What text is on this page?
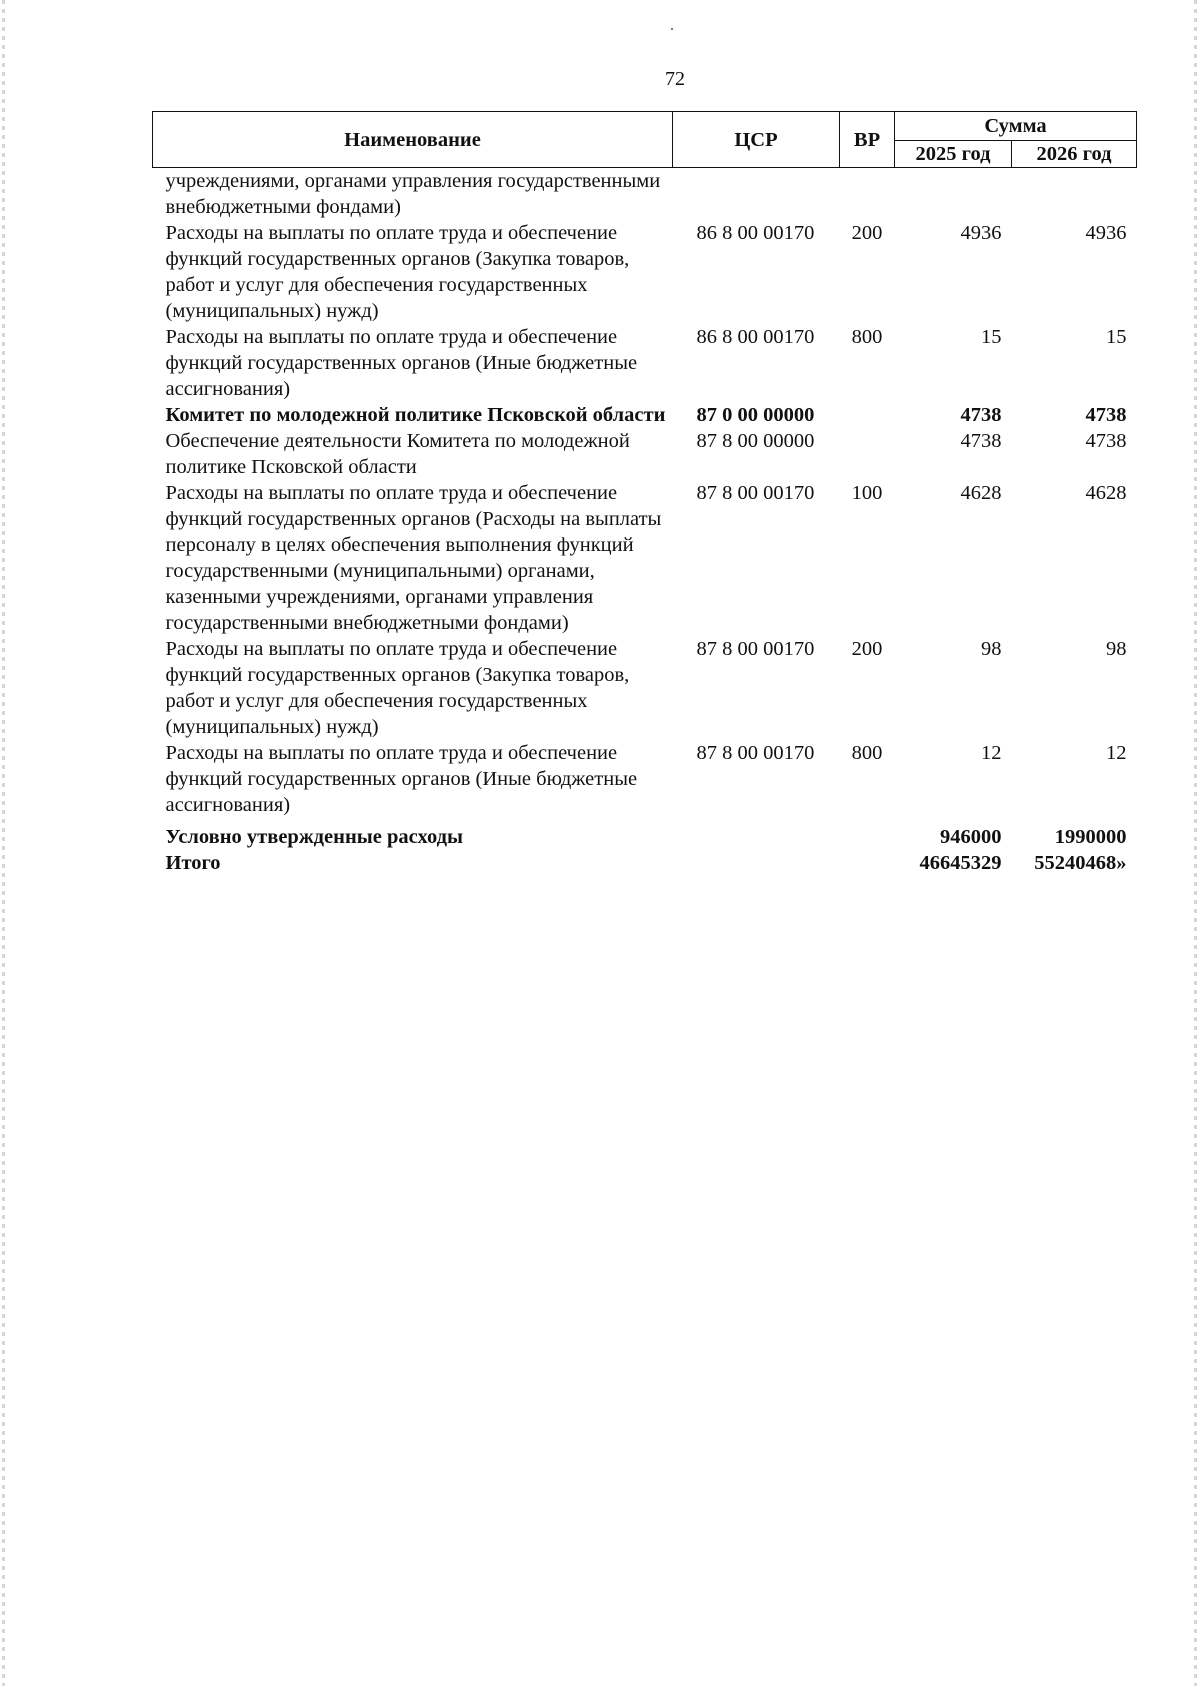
72
Наименование	ЦСР	ВР	Сумма	
			2025 год	2026 год
учреждениями, органами управления государственными внебюджетными фондами)				
Расходы на выплаты по оплате труда и обеспечение функций государственных органов (Закупка товаров, работ и услуг для обеспечения государственных (муниципальных) нужд)	86 8 00 00170	200	4936	4936
Расходы на выплаты по оплате труда и обеспечение функций государственных органов (Иные бюджетные ассигнования)	86 8 00 00170	800	15	15
Комитет по молодежной политике Псковской области	87 0 00 00000		4738	4738
Обеспечение деятельности Комитета по молодежной политике Псковской области	87 8 00 00000		4738	4738
Расходы на выплаты по оплате труда и обеспечение функций государственных органов (Расходы на выплаты персоналу в целях обеспечения выполнения функций государственными (муниципальными) органами, казенными учреждениями, органами управления государственными внебюджетными фондами)	87 8 00 00170	100	4628	4628
Расходы на выплаты по оплате труда и обеспечение функций государственных органов (Закупка товаров, работ и услуг для обеспечения государственных (муниципальных) нужд)	87 8 00 00170	200	98	98
Расходы на выплаты по оплате труда и обеспечение функций государственных органов (Иные бюджетные ассигнования)	87 8 00 00170	800	12	12
Условно утвержденные расходы			946000	1990000
Итого			46645329	55240468»
